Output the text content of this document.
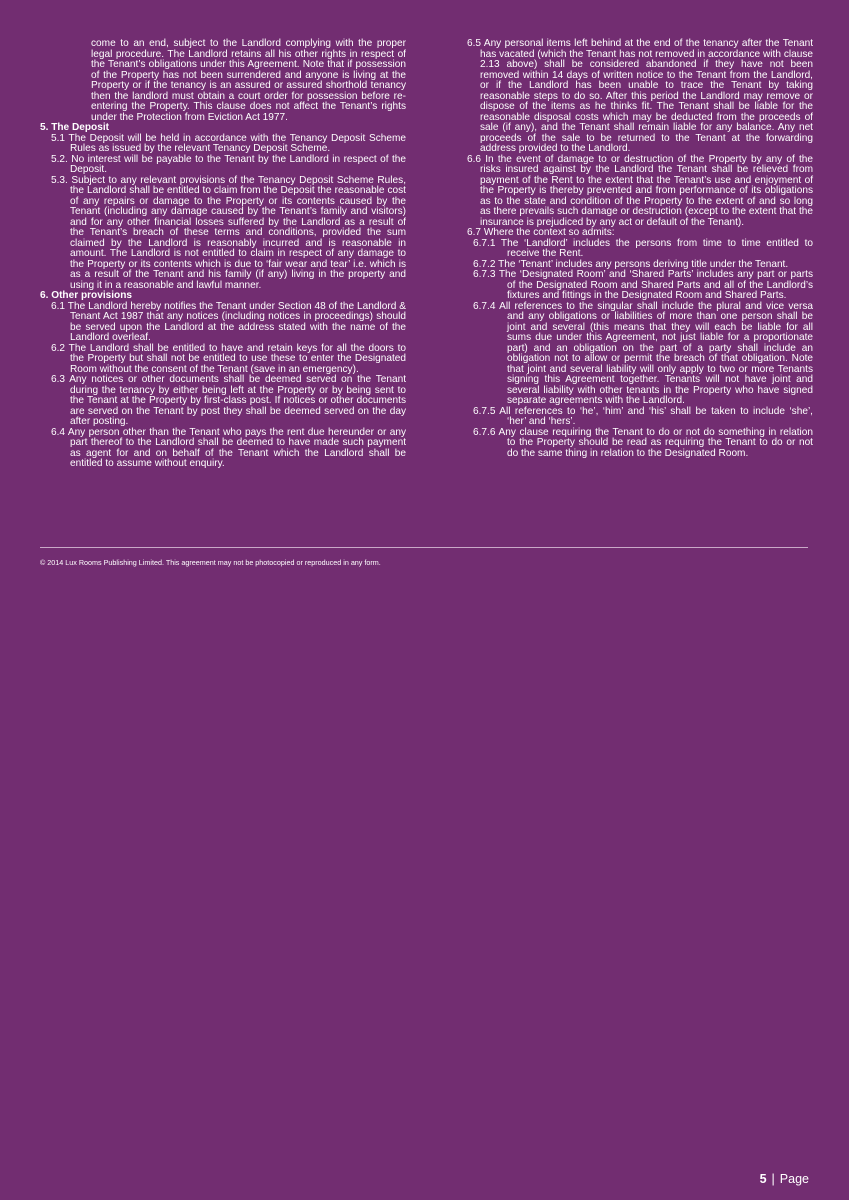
come to an end, subject to the Landlord complying with the proper legal procedure. The Landlord retains all his other rights in respect of the Tenant’s obligations under this Agreement. Note that if possession of the Property has not been surrendered and anyone is living at the Property or if the tenancy is an assured or assured shorthold tenancy then the landlord must obtain a court order for possession before re-entering the Property. This clause does not affect the Tenant’s rights under the Protection from Eviction Act 1977.

5. The Deposit

5.1 The Deposit will be held in accordance with the Tenancy Deposit Scheme Rules as issued by the relevant Tenancy Deposit Scheme.

5.2. No interest will be payable to the Tenant by the Landlord in respect of the Deposit.

5.3. Subject to any relevant provisions of the Tenancy Deposit Scheme Rules, the Landlord shall be entitled to claim from the Deposit the reasonable cost of any repairs or damage to the Property or its contents caused by the Tenant (including any damage caused by the Tenant’s family and visitors) and for any other financial losses suffered by the Landlord as a result of the Tenant’s breach of these terms and conditions, provided the sum claimed by the Landlord is reasonably incurred and is reasonable in amount. The Landlord is not entitled to claim in respect of any damage to the Property or its contents which is due to ‘fair wear and tear’ i.e. which is as a result of the Tenant and his family (if any) living in the property and using it in a reasonable and lawful manner.

6. Other provisions

6.1 The Landlord hereby notifies the Tenant under Section 48 of the Landlord & Tenant Act 1987 that any notices (including notices in proceedings) should be served upon the Landlord at the address stated with the name of the Landlord overleaf.

6.2 The Landlord shall be entitled to have and retain keys for all the doors to the Property but shall not be entitled to use these to enter the Designated Room without the consent of the Tenant (save in an emergency).

6.3 Any notices or other documents shall be deemed served on the Tenant during the tenancy by either being left at the Property or by being sent to the Tenant at the Property by first-class post. If notices or other documents are served on the Tenant by post they shall be deemed served on the day after posting.

6.4 Any person other than the Tenant who pays the rent due hereunder or any part thereof to the Landlord shall be deemed to have made such payment as agent for and on behalf of the Tenant which the Landlord shall be entitled to assume without enquiry.

6.5 Any personal items left behind at the end of the tenancy after the Tenant has vacated (which the Tenant has not removed in accordance with clause 2.13 above) shall be considered abandoned if they have not been removed within 14 days of written notice to the Tenant from the Landlord, or if the Landlord has been unable to trace the Tenant by taking reasonable steps to do so. After this period the Landlord may remove or dispose of the items as he thinks fit. The Tenant shall be liable for the reasonable disposal costs which may be deducted from the proceeds of sale (if any), and the Tenant shall remain liable for any balance. Any net proceeds of the sale to be returned to the Tenant at the forwarding address provided to the Landlord.

6.6 In the event of damage to or destruction of the Property by any of the risks insured against by the Landlord the Tenant shall be relieved from payment of the Rent to the extent that the Tenant’s use and enjoyment of the Property is thereby prevented and from performance of its obligations as to the state and condition of the Property to the extent of and so long as there prevails such damage or destruction (except to the extent that the insurance is prejudiced by any act or default of the Tenant).

6.7 Where the context so admits:

6.7.1 The ‘Landlord’ includes the persons from time to time entitled to receive the Rent.

6.7.2 The ‘Tenant’ includes any persons deriving title under the Tenant.

6.7.3 The ‘Designated Room’ and ‘Shared Parts’ includes any part or parts of the Designated Room and Shared Parts and all of the Landlord’s fixtures and fittings in the Designated Room and Shared Parts.

6.7.4 All references to the singular shall include the plural and vice versa and any obligations or liabilities of more than one person shall be joint and several (this means that they will each be liable for all sums due under this Agreement, not just liable for a proportionate part) and an obligation on the part of a party shall include an obligation not to allow or permit the breach of that obligation. Note that joint and several liability will only apply to two or more Tenants signing this Agreement together. Tenants will not have joint and several liability with other tenants in the Property who have signed separate agreements with the Landlord.

6.7.5 All references to ‘he’, ‘him’ and ‘his’ shall be taken to include ‘she’, ‘her’ and ‘hers’.

6.7.6 Any clause requiring the Tenant to do or not do something in relation to the Property should be read as requiring the Tenant to do or not do the same thing in relation to the Designated Room.

© 2014 Lux Rooms Publishing Limited. This agreement may not be photocopied or reproduced in any form.
5 | Page
